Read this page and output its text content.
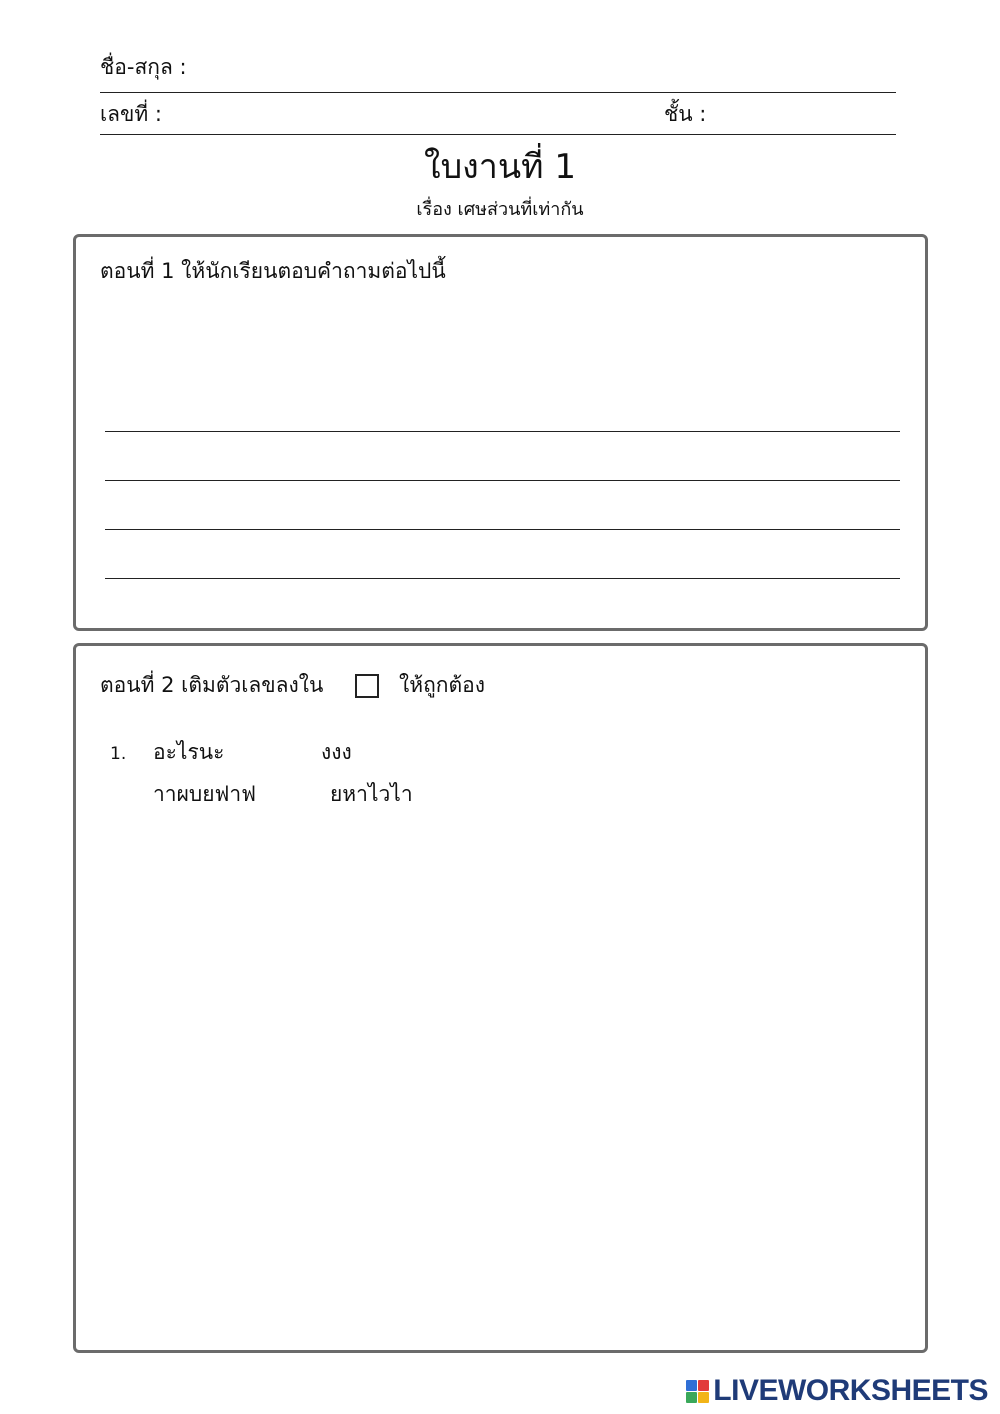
ชื่อ-สกุล :
เลขที่ :	ชั้น :
ใบงานที่ 1
เรื่อง เศษส่วนที่เท่ากัน
ตอนที่ 1 ให้นักเรียนตอบคำถามต่อไปนี้
ตอนที่ 2 เติมตัวเลขลงใน	ให้ถูกต้อง
1. อะไรนะ	งงง
าาผบยฟาฟ	ยหาไวไา
LIVEWORKSHEETS
